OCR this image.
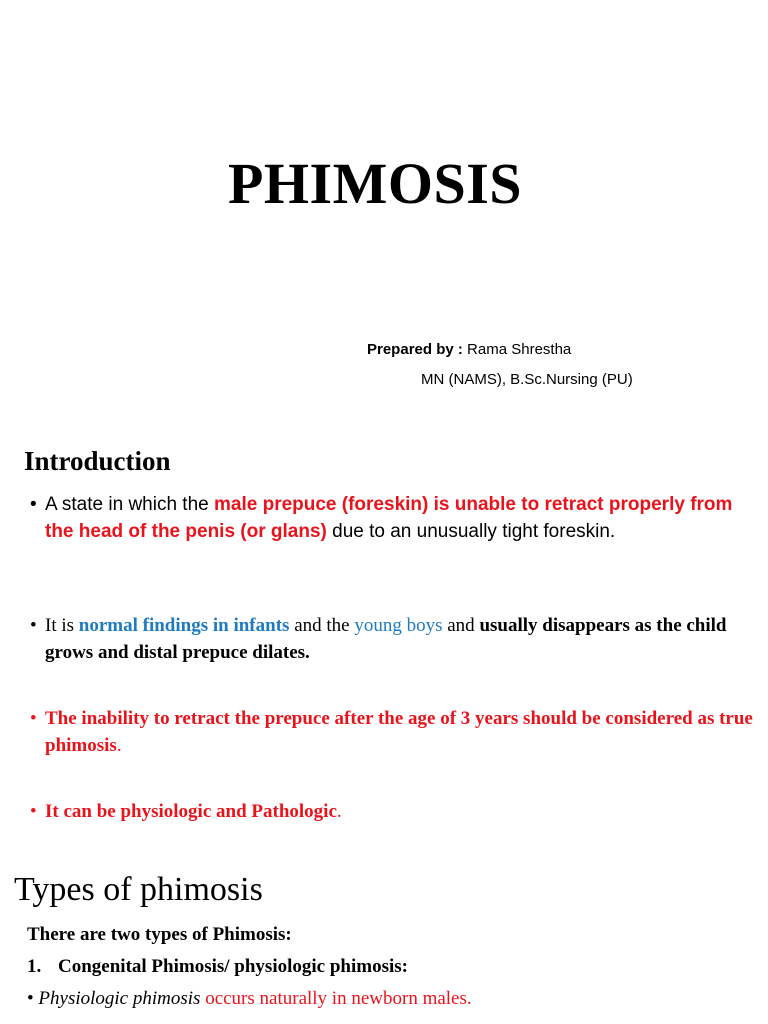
PHIMOSIS
Prepared by : Rama Shrestha
MN (NAMS), B.Sc.Nursing (PU)
Introduction
• A state in which the male prepuce (foreskin) is unable to retract properly from the head of the penis (or glans) due to an unusually tight foreskin.
• It is normal findings in infants and the young boys and usually disappears as the child grows and distal prepuce dilates.
• The inability to retract the prepuce after the age of 3 years should be considered as true phimosis.
• It can be physiologic and Pathologic.
Types of phimosis
There are two types of Phimosis:
1. Congenital Phimosis/ physiologic phimosis:
• Physiologic phimosis occurs naturally in newborn males.
